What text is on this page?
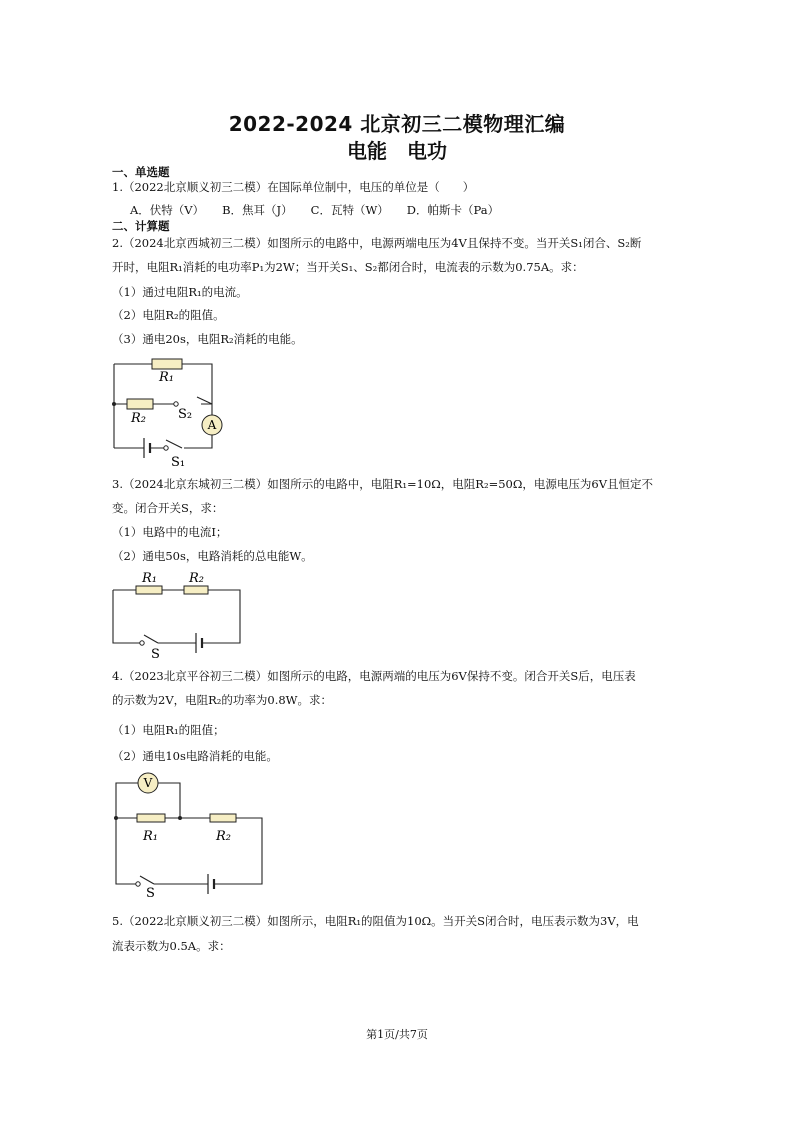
2022-2024 北京初三二模物理汇编
电能　电功
一、单选题
1.（2022北京顺义初三二模）在国际单位制中，电压的单位是（　　）
A．伏特（V） B．焦耳（J） C．瓦特（W） D．帕斯卡（Pa）
二、计算题
2.（2024北京西城初三二模）如图所示的电路中，电源两端电压为4V且保持不变。当开关S₁闭合、S₂断
开时，电阻R₁消耗的电功率P₁为2W；当开关S₁、S₂都闭合时，电流表的示数为0.75A。求：
（1）通过电阻R₁的电流。
（2）电阻R₂的阻值。
（3）通电20s，电阻R₂消耗的电能。
A
R₁
R₂ S₂
S₁
3.（2024北京东城初三二模）如图所示的电路中，电阻R₁=10Ω，电阻R₂=50Ω，电源电压为6V且恒定不
变。闭合开关S，求：
（1）电路中的电流I；
（2）通电50s，电路消耗的总电能W。
R₁ R₂
S
4.（2023北京平谷初三二模）如图所示的电路，电源两端的电压为6V保持不变。闭合开关S后，电压表
的示数为2V，电阻R₂的功率为0.8W。求：
（1）电阻R₁的阻值；
（2）通电10s电路消耗的电能。
V
R₁	R₂
S
5.（2022北京顺义初三二模）如图所示，电阻R₁的阻值为10Ω。当开关S闭合时，电压表示数为3V，电
流表示数为0.5A。求：
第1页/共7页
